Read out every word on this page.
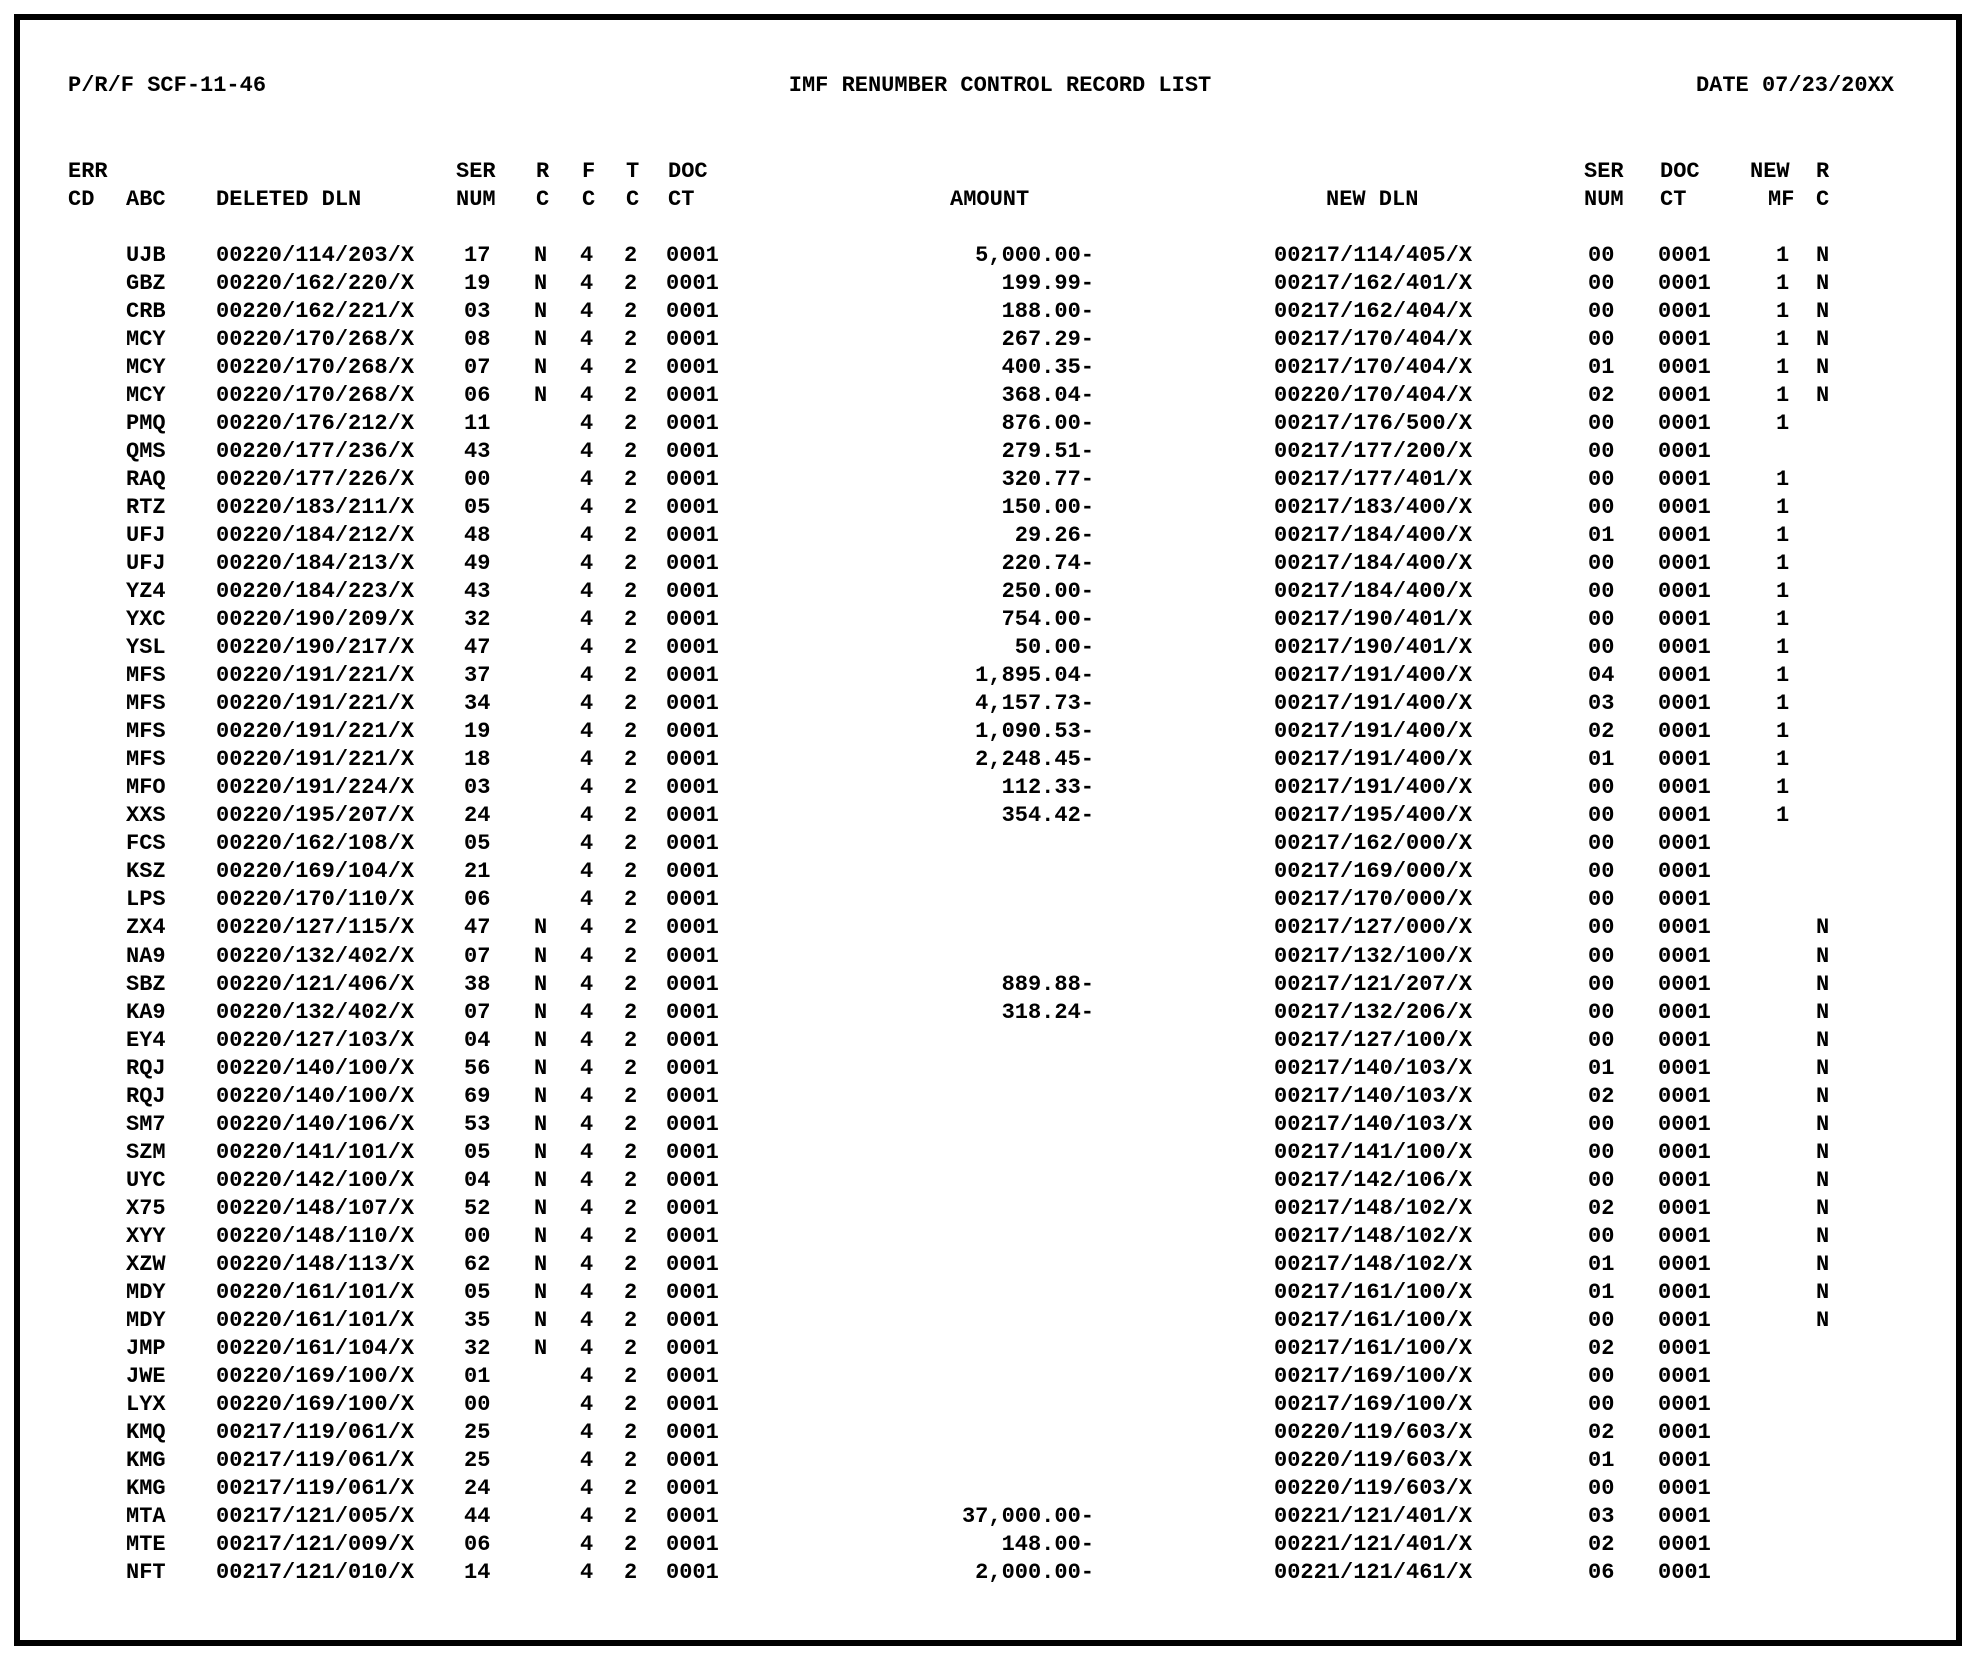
P/R/F SCF-11-46	IMF RENUMBER CONTROL RECORD LIST	DATE 07/23/20XX
ERR	SER R F T DOC	SER DOC NEW R
CD ABC DELETED DLN	NUM C C C CT	AMOUNT	NEW DLN	NUM CT	MF C
UJB 00220/114/203/X 17 N 4 2 0001	5,000.00-	00217/114/405/X	00 0001	1 N
GBZ 00220/162/220/X 19 N 4 2 0001	199.99-	00217/162/401/X	00 0001	1 N
CRB 00220/162/221/X 03 N 4 2 0001	188.00-	00217/162/404/X	00 0001	1 N
MCY 00220/170/268/X 08 N 4 2 0001	267.29-	00217/170/404/X	00 0001	1 N
MCY 00220/170/268/X 07 N 4 2 0001	400.35-	00217/170/404/X	01 0001	1 N
MCY 00220/170/268/X 06 N 4 2 0001	368.04-	00220/170/404/X	02 0001	1 N
PMQ 00220/176/212/X 11	4 2 0001	876.00-	00217/176/500/X	00 0001	1
QMS 00220/177/236/X 43	4 2 0001	279.51-	00217/177/200/X	00 0001
RAQ 00220/177/226/X 00	4 2 0001	320.77-	00217/177/401/X	00 0001	1
RTZ 00220/183/211/X 05	4 2 0001	150.00-	00217/183/400/X	00 0001	1
UFJ 00220/184/212/X 48	4 2 0001	29.26-	00217/184/400/X	01 0001	1
UFJ 00220/184/213/X 49	4 2 0001	220.74-	00217/184/400/X	00 0001	1
YZ4 00220/184/223/X 43	4 2 0001	250.00-	00217/184/400/X	00 0001	1
YXC 00220/190/209/X 32	4 2 0001	754.00-	00217/190/401/X	00 0001	1
YSL 00220/190/217/X 47	4 2 0001	50.00-	00217/190/401/X	00 0001	1
MFS 00220/191/221/X 37	4 2 0001	1,895.04-	00217/191/400/X	04 0001	1
MFS 00220/191/221/X 34	4 2 0001	4,157.73-	00217/191/400/X	03 0001	1
MFS 00220/191/221/X 19	4 2 0001	1,090.53-	00217/191/400/X	02 0001	1
MFS 00220/191/221/X 18	4 2 0001	2,248.45-	00217/191/400/X	01 0001	1
MFO 00220/191/224/X 03	4 2 0001	112.33-	00217/191/400/X	00 0001	1
XXS 00220/195/207/X 24	4 2 0001	354.42-	00217/195/400/X	00 0001	1
FCS 00220/162/108/X 05	4 2 0001	00217/162/000/X	00 0001
KSZ 00220/169/104/X 21	4 2 0001	00217/169/000/X	00 0001
LPS 00220/170/110/X 06	4 2 0001	00217/170/000/X	00 0001
ZX4 00220/127/115/X 47 N 4 2 0001	00217/127/000/X	00 0001	N
NA9 00220/132/402/X 07 N 4 2 0001	00217/132/100/X	00 0001	N
SBZ 00220/121/406/X 38 N 4 2 0001	889.88-	00217/121/207/X	00 0001	N
KA9 00220/132/402/X 07 N 4 2 0001	318.24-	00217/132/206/X	00 0001	N
EY4 00220/127/103/X 04 N 4 2 0001	00217/127/100/X	00 0001	N
RQJ 00220/140/100/X 56 N 4 2 0001	00217/140/103/X	01 0001	N
RQJ 00220/140/100/X 69 N 4 2 0001	00217/140/103/X	02 0001	N
SM7 00220/140/106/X 53 N 4 2 0001	00217/140/103/X	00 0001	N
SZM 00220/141/101/X 05 N 4 2 0001	00217/141/100/X	00 0001	N
UYC 00220/142/100/X 04 N 4 2 0001	00217/142/106/X	00 0001	N
X75 00220/148/107/X 52 N 4 2 0001	00217/148/102/X	02 0001	N
XYY 00220/148/110/X 00 N 4 2 0001	00217/148/102/X	00 0001	N
XZW 00220/148/113/X 62 N 4 2 0001	00217/148/102/X	01 0001	N
MDY 00220/161/101/X 05 N 4 2 0001	00217/161/100/X	01 0001	N
MDY 00220/161/101/X 35 N 4 2 0001	00217/161/100/X	00 0001	N
JMP 00220/161/104/X 32 N 4 2 0001	00217/161/100/X	02 0001
JWE 00220/169/100/X 01	4 2 0001	00217/169/100/X	00 0001
LYX 00220/169/100/X 00	4 2 0001	00217/169/100/X	00 0001
KMQ 00217/119/061/X 25	4 2 0001	00220/119/603/X	02 0001
KMG 00217/119/061/X 25	4 2 0001	00220/119/603/X	01 0001
KMG 00217/119/061/X 24	4 2 0001	00220/119/603/X	00 0001
MTA 00217/121/005/X 44	4 2 0001	37,000.00-	00221/121/401/X	03 0001
MTE 00217/121/009/X 06	4 2 0001	148.00-	00221/121/401/X	02 0001
NFT 00217/121/010/X 14	4 2 0001	2,000.00-	00221/121/461/X	06 0001
